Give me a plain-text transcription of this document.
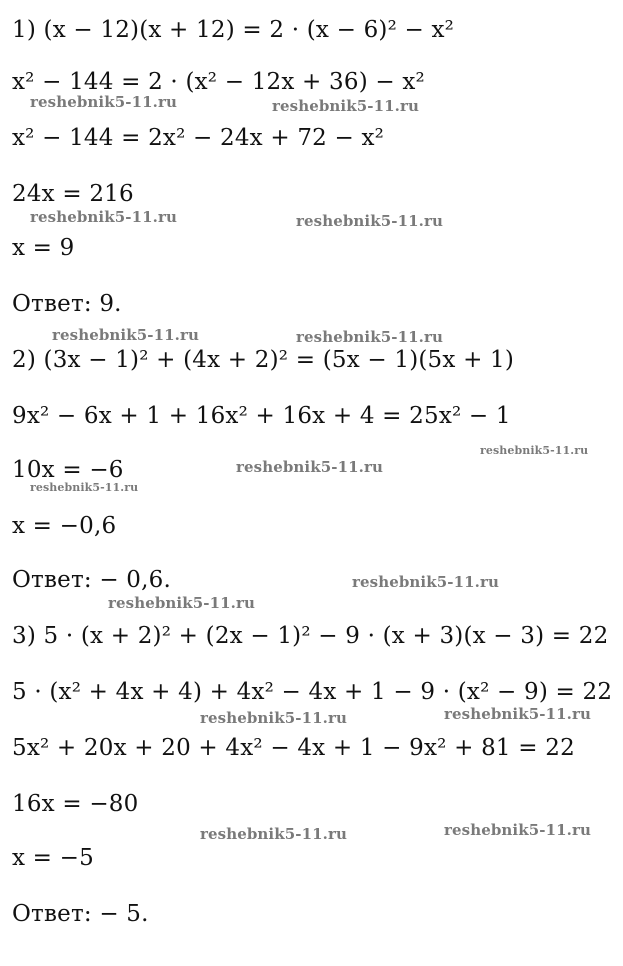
1) (x − 12)(x + 12) = 2 · (x − 6)² − x²
x² − 144 = 2 · (x² − 12x + 36) − x²
x² − 144 = 2x² − 24x + 72 − x²
24x = 216
x = 9
Ответ: 9.
2) (3x − 1)² + (4x + 2)² = (5x − 1)(5x + 1)
9x² − 6x + 1 + 16x² + 16x + 4 = 25x² − 1
10x = −6
x = −0,6
Ответ: − 0,6.
3) 5 · (x + 2)² + (2x − 1)² − 9 · (x + 3)(x − 3) = 22
5 · (x² + 4x + 4) + 4x² − 4x + 1 − 9 · (x² − 9) = 22
5x² + 20x + 20 + 4x² − 4x + 1 − 9x² + 81 = 22
16x = −80
x = −5
Ответ: − 5.
reshebnik5-11.ru	reshebnik5-11.ru
reshebnik5-11.ru	reshebnik5-11.ru
reshebnik5-11.ru	reshebnik5-11.ru
reshebnik5-11.ru
reshebnik5-11.ru
reshebnik5-11.ru
reshebnik5-11.ru
reshebnik5-11.ru
reshebnik5-11.ru	reshebnik5-11.ru
reshebnik5-11.ru
reshebnik5-11.ru
